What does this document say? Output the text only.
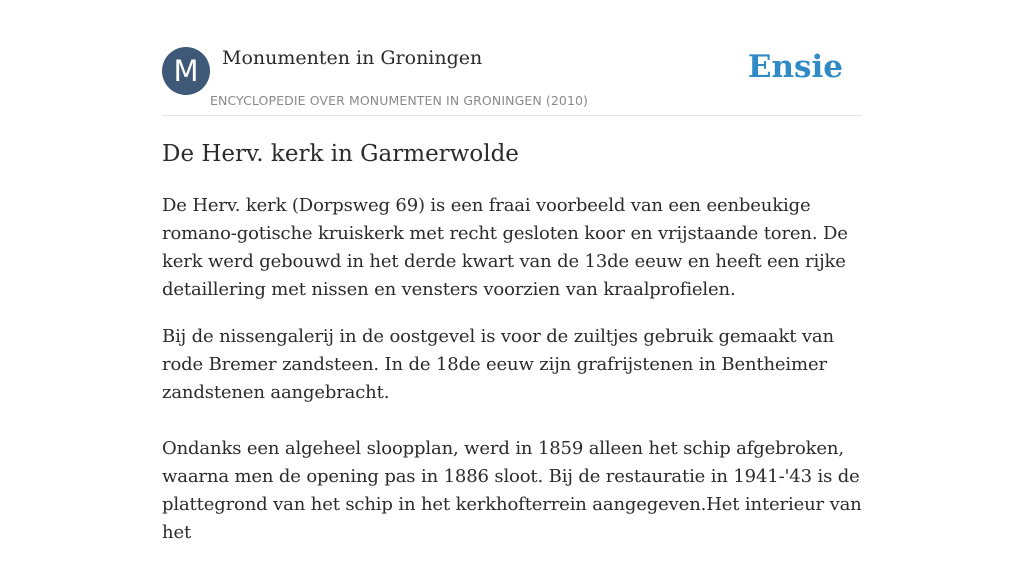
M	Monumenten in Groningen
ENCYCLOPEDIE OVER MONUMENTEN IN GRONINGEN (2010)
Ensie
De Herv. kerk in Garmerwolde

De Herv. kerk (Dorpsweg 69) is een fraai voorbeeld van een eenbeukige romano-gotische kruiskerk met recht gesloten koor en vrijstaande toren. De kerk werd gebouwd in het derde kwart van de 13de eeuw en heeft een rijke detaillering met nissen en vensters voorzien van kraalprofielen.

Bij de nissengalerij in de oostgevel is voor de zuiltjes gebruik gemaakt van rode Bremer zandsteen. In de 18de eeuw zijn grafrijstenen in Bentheimer zandstenen aangebracht.

Ondanks een algeheel sloopplan, werd in 1859 alleen het schip afgebroken, waarna men de opening pas in 1886 sloot. Bij de restauratie in 1941-'43 is de plattegrond van het schip in het kerkhofterrein aangegeven.Het interieur van het
